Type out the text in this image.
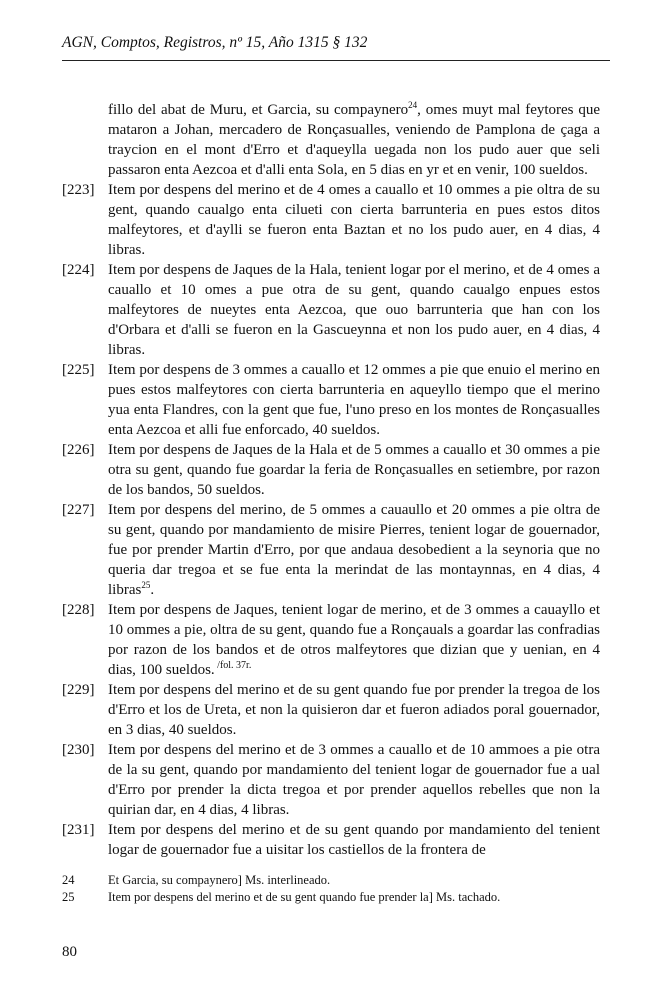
AGN, Comptos, Registros, nº 15, Año 1315 § 132
fillo del abat de Muru, et Garcia, su compaynero$^{24}$, omes muyt mal feytores que mataron a Johan, mercadero de Ronçasualles, veniendo de Pamplona de çaga a traycion en el mont d'Erro et d'aqueylla uegada non los pudo auer que seli passaron enta Aezcoa et d'alli enta Sola, en 5 dias en yr et en venir, 100 sueldos.
[223] Item por despens del merino et de 4 omes a cauallo et 10 ommes a pie oltra de su gent, quando caualgo enta cilueti con cierta barrunteria en pues estos ditos malfeytores, et d'aylli se fueron enta Baztan et no los pudo auer, en 4 dias, 4 libras.
[224] Item por despens de Jaques de la Hala, tenient logar por el merino, et de 4 omes a cauallo et 10 omes a pue otra de su gent, quando caualgo enpues estos malfeytores de nueytes enta Aezcoa, que ouo barrunteria que han con los d'Orbara et d'alli se fueron en la Gascueynna et non los pudo auer, en 4 dias, 4 libras.
[225] Item por despens de 3 ommes a cauallo et 12 ommes a pie que enuio el merino en pues estos malfeytores con cierta barrunteria en aqueyllo tiempo que el merino yua enta Flandres, con la gent que fue, l'uno preso en los montes de Ronçasualles enta Aezcoa et alli fue enforcado, 40 sueldos.
[226] Item por despens de Jaques de la Hala et de 5 ommes a cauallo et 30 ommes a pie otra su gent, quando fue goardar la feria de Ronçasualles en setiembre, por razon de los bandos, 50 sueldos.
[227] Item por despens del merino, de 5 ommes a cauaullo et 20 ommes a pie oltra de su gent, quando por mandamiento de misire Pierres, tenient logar de gouernador, fue por prender Martin d'Erro, por que andaua desobedient a la seynoria que no queria dar tregoa et se fue enta la merindat de las montaynnas, en 4 dias, 4 libras$^{25}$.
[228] Item por despens de Jaques, tenient logar de merino, et de 3 ommes a cauayllo et 10 ommes a pie, oltra de su gent, quando fue a Ronçauals a goardar las confradias por razon de los bandos et de otros malfeytores que dizian que y uenian, en 4 dias, 100 sueldos. $^{/fol. 37r.}$
[229] Item por despens del merino et de su gent quando fue por prender la tregoa de los d'Erro et los de Ureta, et non la quisieron dar et fueron adiados poral gouernador, en 3 dias, 40 sueldos.
[230] Item por despens del merino et de 3 ommes a cauallo et de 10 ammoes a pie otra de la su gent, quando por mandamiento del tenient logar de gouernador fue a ual d'Erro por prender la dicta tregoa et por prender aquellos rebelles que non la quirian dar, en 4 dias, 4 libras.
[231] Item por despens del merino et de su gent quando por mandamiento del tenient logar de gouernador fue a uisitar los castiellos de la frontera de
24	Et Garcia, su compaynero] Ms. interlineado.
25	Item por despens del merino et de su gent quando fue prender la] Ms. tachado.
80
